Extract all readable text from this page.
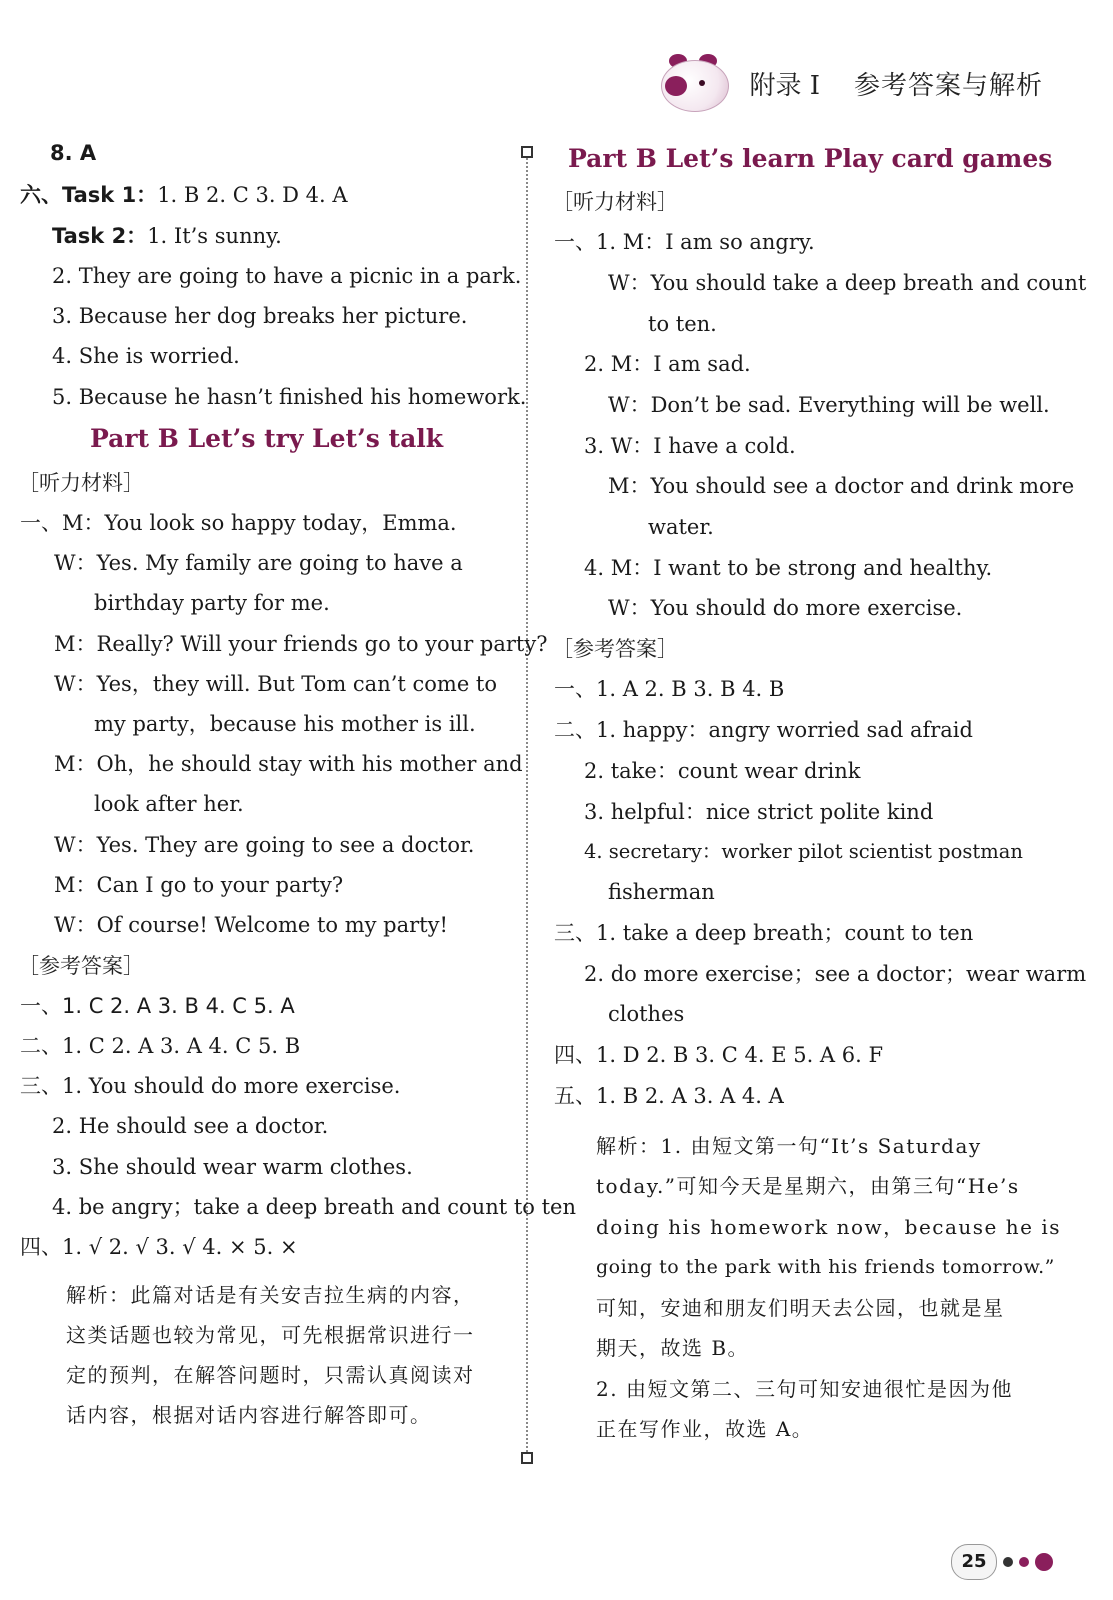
附录 I 参考答案与解析
8. A
六、Task 1：1. B 2. C 3. D 4. A
Task 2：1. It’s sunny.
2. They are going to have a picnic in a park.
3. Because her dog breaks her picture.
4. She is worried.
5. Because he hasn’t finished his homework.
Part B Let’s try Let’s talk
［听力材料］
一、M：You look so happy today，Emma.
W：Yes. My family are going to have a
birthday party for me.
M：Really? Will your friends go to your party?
W：Yes，they will. But Tom can’t come to
my party，because his mother is ill.
M：Oh，he should stay with his mother and
look after her.
W：Yes. They are going to see a doctor.
M：Can I go to your party?
W：Of course! Welcome to my party!
［参考答案］
一、1. C 2. A 3. B 4. C 5. A
二、1. C 2. A 3. A 4. C 5. B
三、1. You should do more exercise.
2. He should see a doctor.
3. She should wear warm clothes.
4. be angry；take a deep breath and count to ten
四、1. √ 2. √ 3. √ 4. × 5. ×
解析：此篇对话是有关安吉拉生病的内容，
这类话题也较为常见，可先根据常识进行一
定的预判，在解答问题时，只需认真阅读对
话内容，根据对话内容进行解答即可。
Part B Let’s learn Play card games
［听力材料］
一、1. M：I am so angry.
W：You should take a deep breath and count
to ten.
2. M：I am sad.
W：Don’t be sad. Everything will be well.
3. W：I have a cold.
M：You should see a doctor and drink more
water.
4. M：I want to be strong and healthy.
W：You should do more exercise.
［参考答案］
一、1. A 2. B 3. B 4. B
二、1. happy：angry worried sad afraid
2. take：count wear drink
3. helpful：nice strict polite kind
4. secretary：worker pilot scientist postman
fisherman
三、1. take a deep breath；count to ten
2. do more exercise；see a doctor；wear warm
clothes
四、1. D 2. B 3. C 4. E 5. A 6. F
五、1. B 2. A 3. A 4. A
解析：1. 由短文第一句“It’s Saturday
today.”可知今天是星期六，由第三句“He’s
doing his homework now，because he is
going to the park with his friends tomorrow.”
可知，安迪和朋友们明天去公园，也就是星
期天，故选 B。
2. 由短文第二、三句可知安迪很忙是因为他
正在写作业，故选 A。
25
